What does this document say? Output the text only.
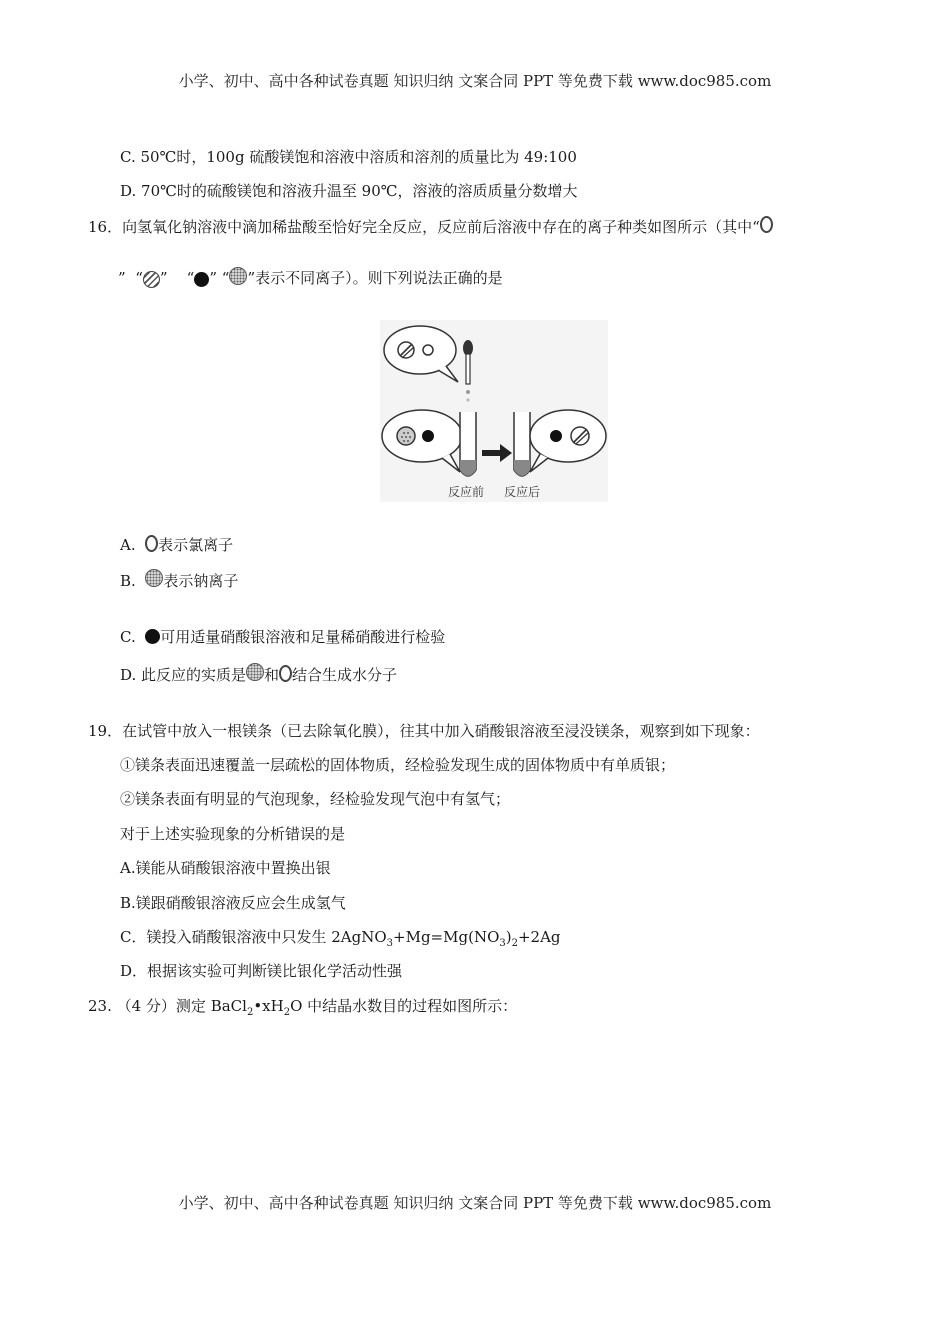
小学、初中、高中各种试卷真题 知识归纳 文案合同 PPT 等免费下载 www.doc985.com
C. 50℃时，100g 硫酸镁饱和溶液中溶质和溶剂的质量比为 49:100
D. 70℃时的硫酸镁饱和溶液升温至 90℃，溶液的溶质质量分数增大
16．向氢氧化钠溶液中滴加稀盐酸至恰好完全反应，反应前后溶液中存在的离子种类如图所示（其中“
” “ ” “ ” “ ”表示不同离子）。则下列说法正确的是
反应前 反应后
A. 表示氯离子
B. 表示钠离子
C. 可用适量硝酸银溶液和足量稀硝酸进行检验
D. 此反应的实质是 和 结合生成水分子
19．在试管中放入一根镁条（已去除氧化膜），往其中加入硝酸银溶液至浸没镁条，观察到如下现象：
①镁条表面迅速覆盖一层疏松的固体物质，经检验发现生成的固体物质中有单质银；
②镁条表面有明显的气泡现象，经检验发现气泡中有氢气；
对于上述实验现象的分析错误的是
A.镁能从硝酸银溶液中置换出银
B.镁跟硝酸银溶液反应会生成氢气
C．镁投入硝酸银溶液中只发生 $2AgNO_3+Mg=Mg(NO_3)_2+2Ag$
D．根据该实验可判断镁比银化学活动性强
23. （4 分）测定 $BaCl_2•xH_2O$ 中结晶水数目的过程如图所示：
小学、初中、高中各种试卷真题 知识归纳 文案合同 PPT 等免费下载 www.doc985.com
